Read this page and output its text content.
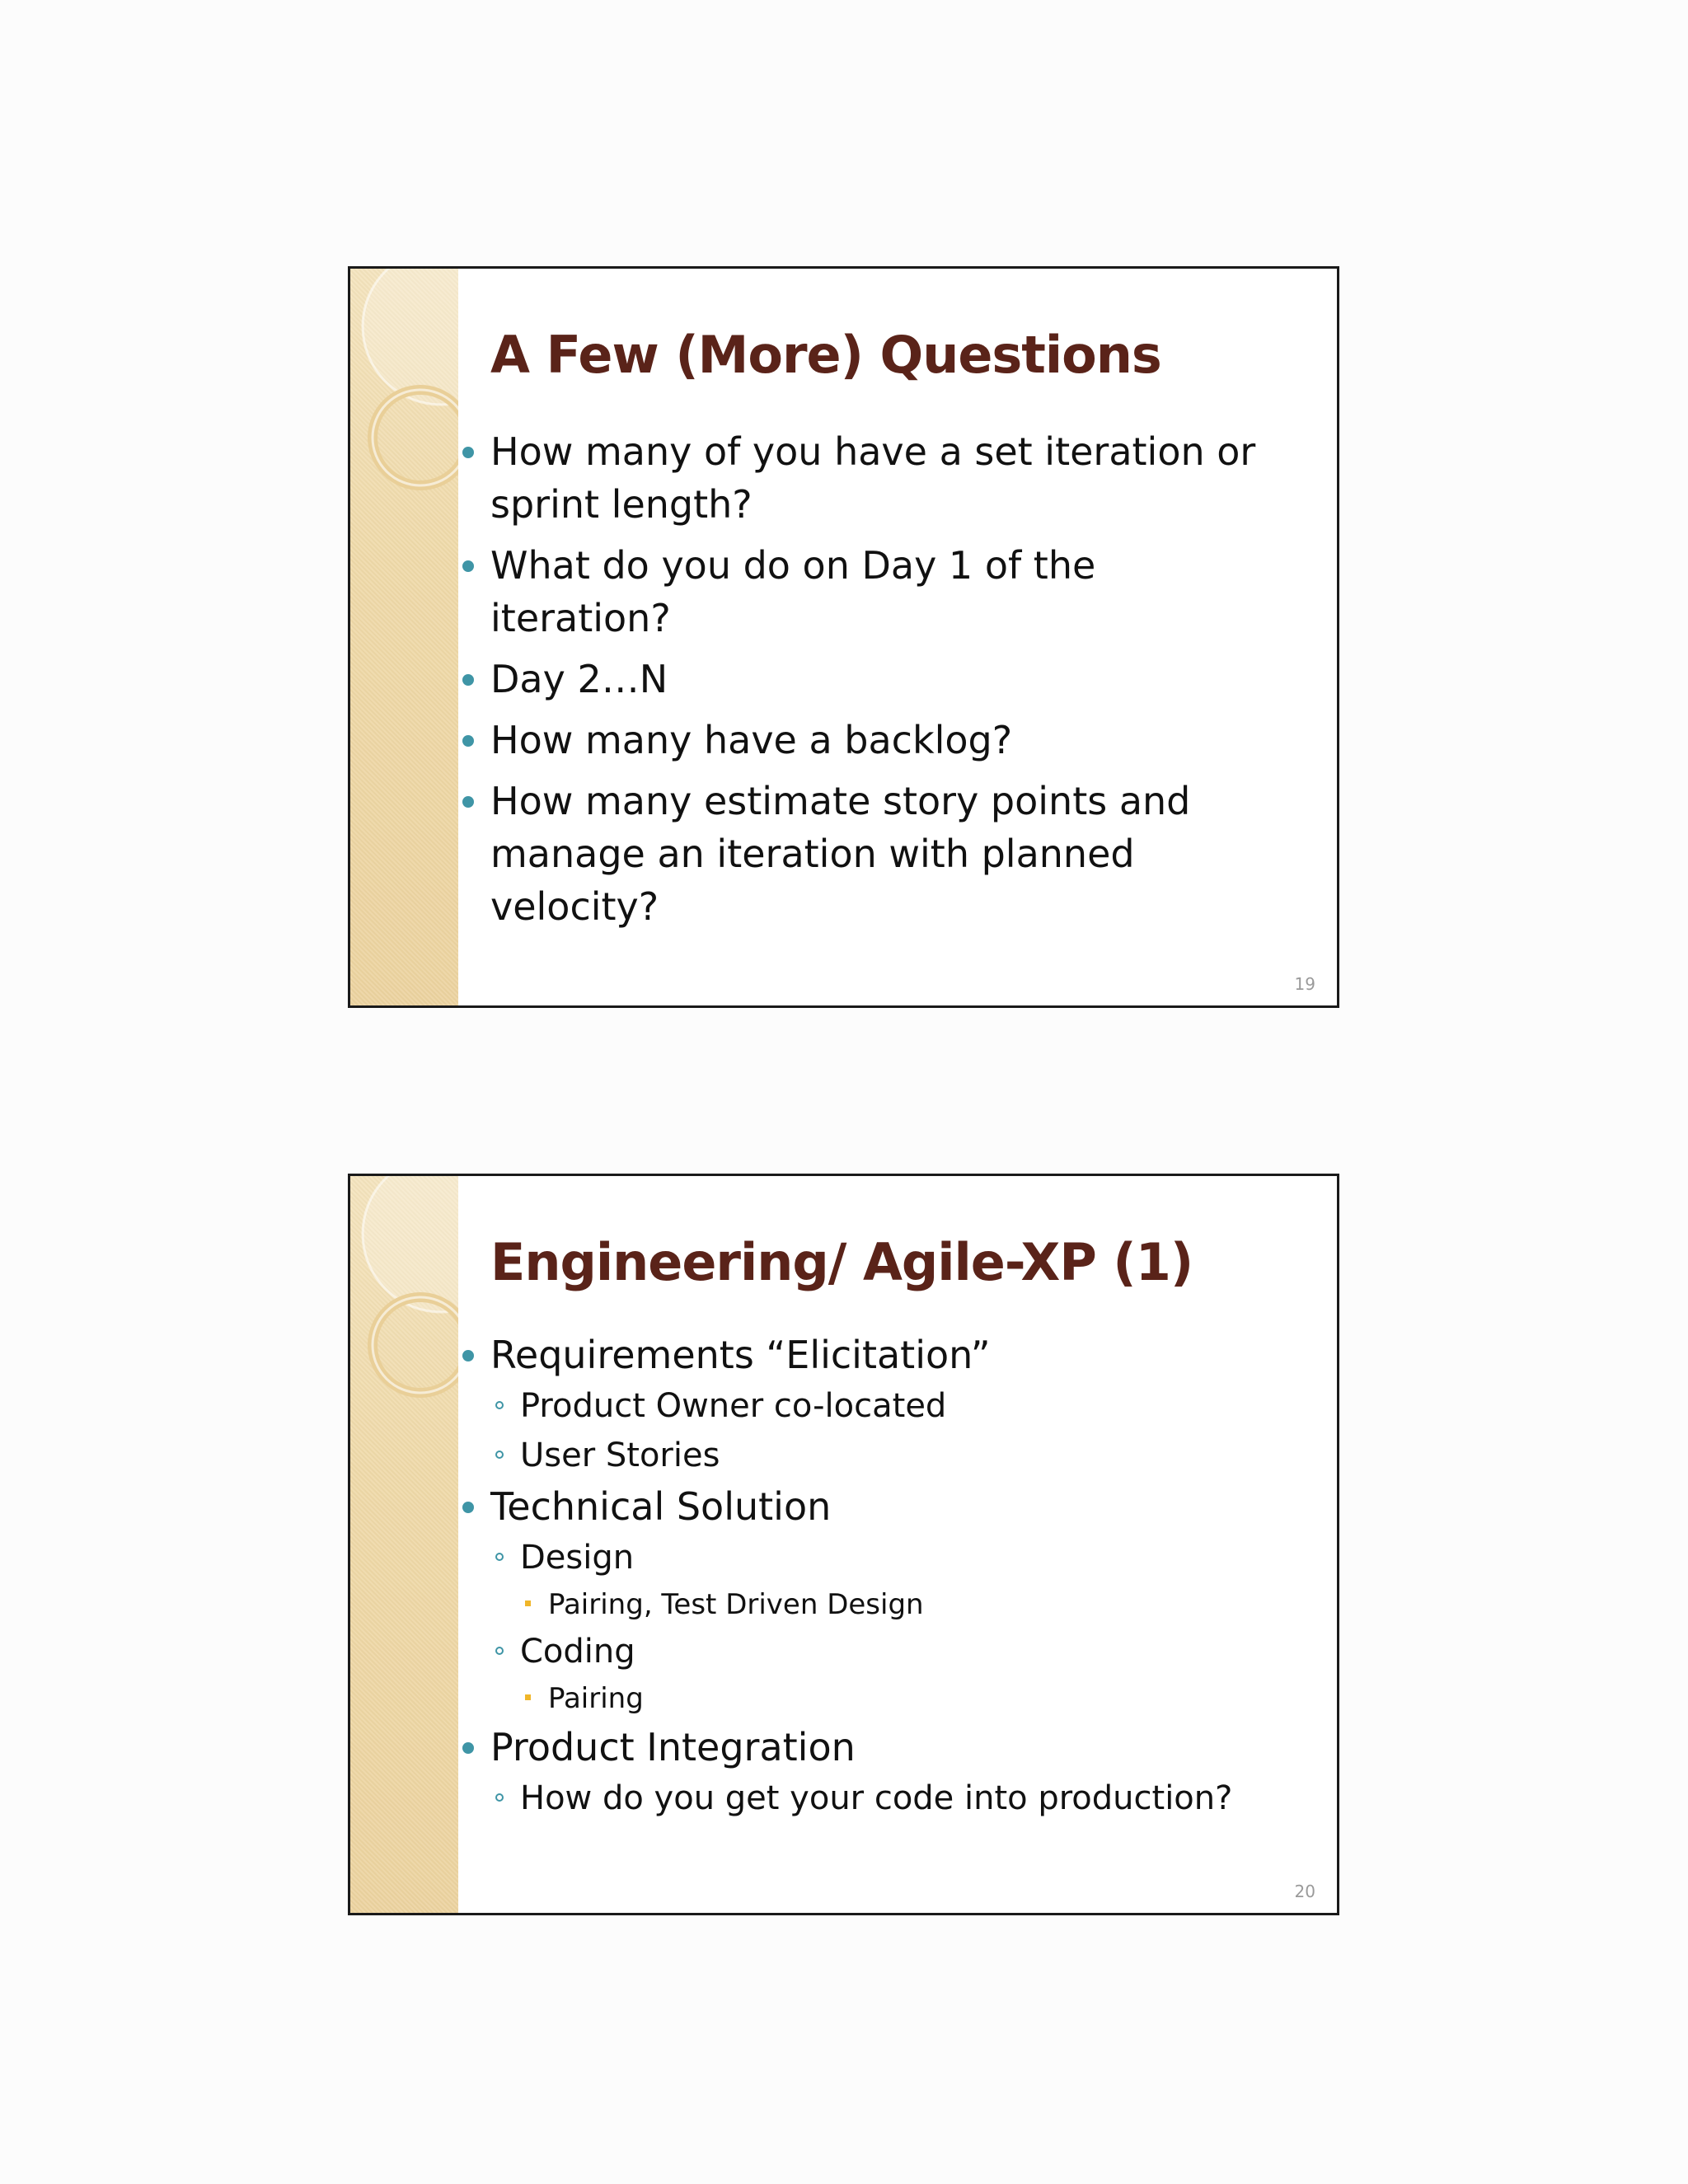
A Few (More) Questions
How many of you have a set iteration or sprint length?
What do you do on Day 1 of the iteration?
Day 2…N
How many have a backlog?
How many estimate story points and manage an iteration with planned velocity?
19
Engineering/ Agile-XP (1)
Requirements “Elicitation”
Product Owner co-located
User Stories
Technical Solution
Design
Pairing, Test Driven Design
Coding
Pairing
Product Integration
How do you get your code into production?
20
